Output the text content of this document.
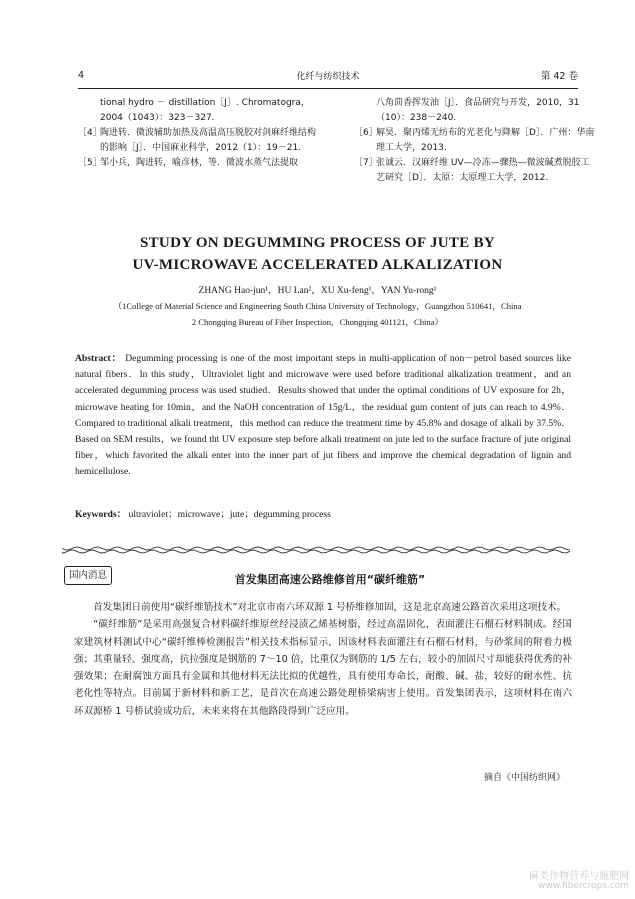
4	化纤与纺织技术	第 42 卷
tional hydro － distillation［J］. Chromatogra，2004（1043）：323－327.
［4］
陶进转．微波辅助加热及高温高压脱胶对剑麻纤维结构的影响［J］．中国麻业科学，2012（1）：19－21.
［5］
邹小兵，陶进转，喻彦林，等．微波水蒸气法提取
八角茴香挥发油［J］．食品研究与开发，2010，31（10）：238－240.
［6］
解昊．聚丙烯无纺布的光老化与降解［D］．广州：华南理工大学，2013.
［7］
张诚云．汉麻纤维 UV—冷冻—骤热—微波碱煮脱胶工艺研究［D］．太原：太原理工大学，2012.
STUDY ON DEGUMMING PROCESS OF JUTE BY
UV-MICROWAVE ACCELERATED ALKALIZATION
ZHANG Hao-jun¹，HU Lan²，XU Xu-feng¹，YAN Yu-rong¹
（1College of Material Science and Engineering South China University of Technology，Guangzhou 510641，China
2 Chongqing Bureau of Fiber Inspection，Chongqing 401121，China）
Abstract： Degumming processing is one of the most important steps in multi-application of non－petrol based sources like natural fibers．In this study，Ultraviolet light and microwave were used before traditional alkalization treatment，and an accelerated degumming process was used studied．Results showed that under the optimal conditions of UV exposure for 2h，microwave heating for 10min，and the NaOH concentration of 15g/L，the residual gum content of juts can reach to 4.9%．Compared to traditional alkali treatment，this method can reduce the treatment time by 45.8% and dosage of alkali by 37.5%．Based on SEM results，we found tht UV exposure step before alkali treatment on jute led to the surface fracture of jute original fiber，which favorited the alkali enter into the inner part of jut fibers and improve the chemical degradation of lignin and hemicellulose.
Keywords： ultraviolet；microwave；jute；degumming process
国内消息	首发集团高速公路维修首用“碳纤维筋”

首发集团日前使用“碳纤维筋技术”对北京市南六环双源 1 号桥维修加固，这是北京高速公路首次采用这项技术。

“碳纤维筋”是采用高强复合材料碳纤维原丝经浸渍乙烯基树脂，经过高温固化，表面灌注石榴石材料制成。经国家建筑材料测试中心“碳纤维棒检测报告”相关技术指标显示，因该材料表面灌注有石榴石材料，与砂浆间的附着力极强；其重量轻、强度高，抗拉强度是钢筋的 7～10 倍，比重仅为钢筋的 1/5 左右，较小的加固尺寸却能获得优秀的补强效果；在耐腐蚀方面具有金属和其他材料无法比拟的优越性，具有使用寿命长，耐酸、碱、盐，较好的耐水性、抗老化性等特点。目前属于新材料和新工艺，是首次在高速公路处理桥梁病害上使用。首发集团表示，这项材料在南六环双源桥 1 号桥试验成功后，未来来将在其他路段得到广泛应用。

摘自《中国纺织网》
麻类作物营养与施肥网
www.fibercrops.com
